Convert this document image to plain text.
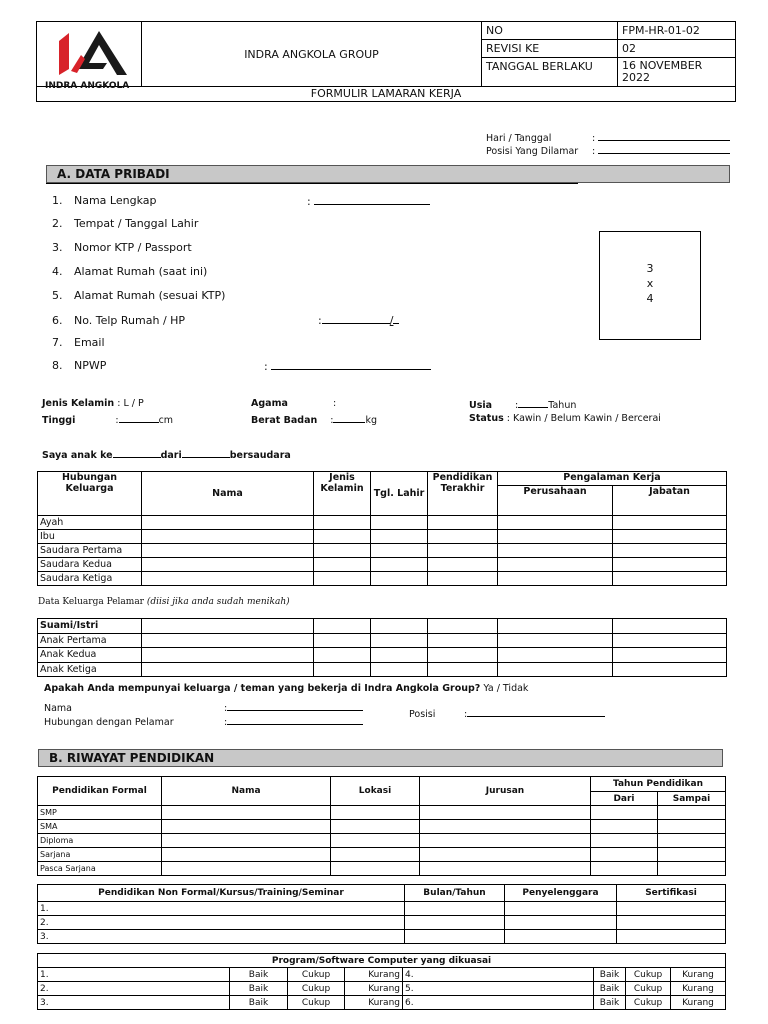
INDRA ANGKOLA	INDRA ANGKOLA GROUP	NO	FPM-HR-01-02
		REVISI KE	02
		TANGGAL BERLAKU	16 NOVEMBER 2022
FORMULIR LAMARAN KERJA			
Hari / Tanggal	:
Posisi Yang Dilamar :
A. DATA PRIBADI
1. Nama Lengkap
2. Tempat / Tanggal Lahir
3. Nomor KTP / Passport
4. Alamat Rumah (saat ini)
5. Alamat Rumah (sesuai KTP)
6. No. Telp Rumah / HP
7. Email
8. NPWP
:
:	/
:
3
x
4
Jenis Kelamin : L / P	Agama	:	Usia :	Tahun
Tinggi	:	cm	Berat Badan :	kg	Status : Kawin / Belum Kawin / Bercerai
Saya anak ke	dari	bersaudara
Hubungan Keluarga	Nama	Jenis Kelamin	Tgl. Lahir	Pendidikan Terakhir	Pengalaman Kerja	
					Perusahaan	Jabatan
Ayah						
Ibu						
Saudara Pertama						
Saudara Kedua						
Saudara Ketiga						
Data Keluarga Pelamar (diisi jika anda sudah menikah)
Suami/Istri						
Anak Pertama						
Anak Kedua						
Anak Ketiga						
Apakah Anda mempunyai keluarga / teman yang bekerja di Indra Angkola Group? Ya / Tidak
Nama	:
Hubungan dengan Pelamar	:
Posisi	:
B. RIWAYAT PENDIDIKAN
Pendidikan Formal	Nama	Lokasi	Jurusan	Tahun Pendidikan	
				Dari	Sampai
SMP					
SMA					
Diploma					
Sarjana					
Pasca Sarjana					
Pendidikan Non Formal/Kursus/Training/Seminar	Bulan/Tahun	Penyelenggara	Sertifikasi
1.			
2.			
3.			
Program/Software Computer yang dikuasai							
1.	Baik	Cukup	Kurang	4.	Baik	Cukup	Kurang
2.	Baik	Cukup	Kurang	5.	Baik	Cukup	Kurang
3.	Baik	Cukup	Kurang	6.	Baik	Cukup	Kurang
